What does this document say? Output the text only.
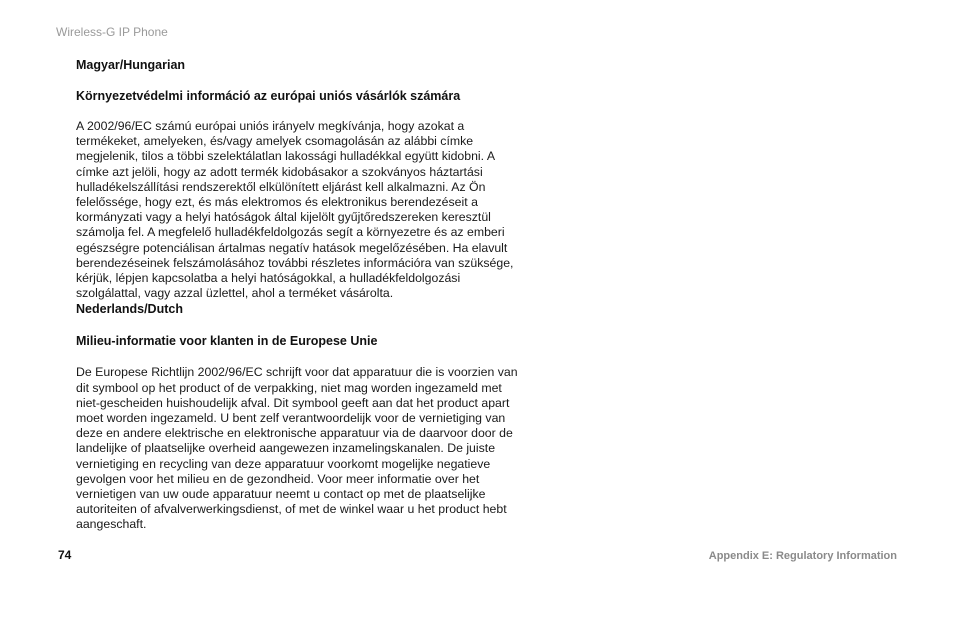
Wireless-G IP Phone

Magyar/Hungarian

Környezetvédelmi információ az európai uniós vásárlók számára

A 2002/96/EC számú európai uniós irányelv megkívánja, hogy azokat a
termékeket, amelyeken, és/vagy amelyek csomagolásán az alábbi címke
megjelenik, tilos a többi szelektálatlan lakossági hulladékkal együtt kidobni. A
címke azt jelöli, hogy az adott termék kidobásakor a szokványos háztartási
hulladékelszállítási rendszerektől elkülönített eljárást kell alkalmazni. Az Ön
felelőssége, hogy ezt, és más elektromos és elektronikus berendezéseit a
kormányzati vagy a helyi hatóságok által kijelölt gyűjtőredszereken keresztül
számolja fel. A megfelelő hulladékfeldolgozás segít a környezetre és az emberi
egészségre potenciálisan ártalmas negatív hatások megelőzésében. Ha elavult
berendezéseinek felszámolásához további részletes információra van szüksége,
kérjük, lépjen kapcsolatba a helyi hatóságokkal, a hulladékfeldolgozási
szolgálattal, vagy azzal üzlettel, ahol a terméket vásárolta.

Nederlands/Dutch

Milieu-informatie voor klanten in de Europese Unie

De Europese Richtlijn 2002/96/EC schrijft voor dat apparatuur die is voorzien van
dit symbool op het product of de verpakking, niet mag worden ingezameld met
niet-gescheiden huishoudelijk afval. Dit symbool geeft aan dat het product apart
moet worden ingezameld. U bent zelf verantwoordelijk voor de vernietiging van
deze en andere elektrische en elektronische apparatuur via de daarvoor door de
landelijke of plaatselijke overheid aangewezen inzamelingskanalen. De juiste
vernietiging en recycling van deze apparatuur voorkomt mogelijke negatieve
gevolgen voor het milieu en de gezondheid. Voor meer informatie over het
vernietigen van uw oude apparatuur neemt u contact op met de plaatselijke
autoriteiten of afvalverwerkingsdienst, of met de winkel waar u het product hebt
aangeschaft.

74	Appendix E: Regulatory Information
